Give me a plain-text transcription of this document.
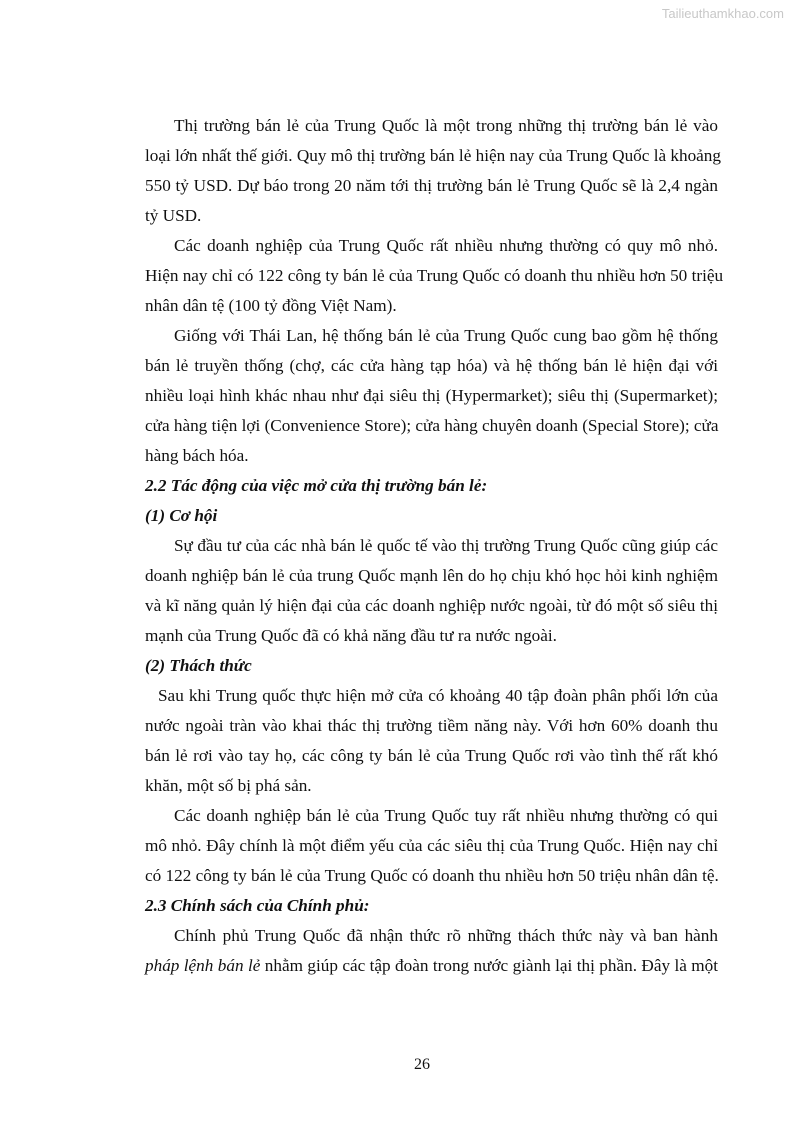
Tailieuthamkhao.com
Thị trường bán lẻ của Trung Quốc là một trong những thị trường bán lẻ vào
loại lớn nhất thế giới. Quy mô thị trường bán lẻ hiện nay của Trung Quốc là khoảng
550 tỷ USD. Dự báo trong 20 năm tới thị trường bán lẻ Trung Quốc sẽ là 2,4 ngàn
tỷ USD.
Các doanh nghiệp của Trung Quốc rất nhiều nhưng thường có quy mô nhỏ.
Hiện nay chỉ có 122 công ty bán lẻ của Trung Quốc có doanh thu nhiều hơn 50 triệu
nhân dân tệ (100 tỷ đồng Việt Nam).
Giống với Thái Lan, hệ thống bán lẻ của Trung Quốc cung bao gồm hệ thống
bán lẻ truyền thống (chợ, các cửa hàng tạp hóa) và hệ thống bán lẻ hiện đại với
nhiều loại hình khác nhau như đại siêu thị (Hypermarket); siêu thị (Supermarket);
cửa hàng tiện lợi (Convenience Store); cửa hàng chuyên doanh (Special Store); cửa
hàng bách hóa.
2.2 Tác động của việc mở cửa thị trường bán lẻ:
(1) Cơ hội
Sự đầu tư của các nhà bán lẻ quốc tế vào thị trường Trung Quốc cũng giúp các
doanh nghiệp bán lẻ của trung Quốc mạnh lên do họ chịu khó học hỏi kinh nghiệm
và kĩ năng quản lý hiện đại của các doanh nghiệp nước ngoài, từ đó một số siêu thị
mạnh của Trung Quốc đã có khả năng đầu tư ra nước ngoài.
(2) Thách thức
Sau khi Trung quốc thực hiện mở cửa có khoảng 40 tập đoàn phân phối lớn của
nước ngoài tràn vào khai thác thị trường tiềm năng này. Với hơn 60% doanh thu
bán lẻ rơi vào tay họ, các công ty bán lẻ của Trung Quốc rơi vào tình thế rất khó
khăn, một số bị phá sản.
Các doanh nghiệp bán lẻ của Trung Quốc tuy rất nhiều nhưng thường có qui
mô nhỏ. Đây chính là một điểm yếu của các siêu thị của Trung Quốc. Hiện nay chỉ
có 122 công ty bán lẻ của Trung Quốc có doanh thu nhiều hơn 50 triệu nhân dân tệ.
2.3 Chính sách của Chính phủ:
Chính phủ Trung Quốc đã nhận thức rõ những thách thức này và ban hành
pháp lệnh bán lẻ nhằm giúp các tập đoàn trong nước giành lại thị phần. Đây là một
26
